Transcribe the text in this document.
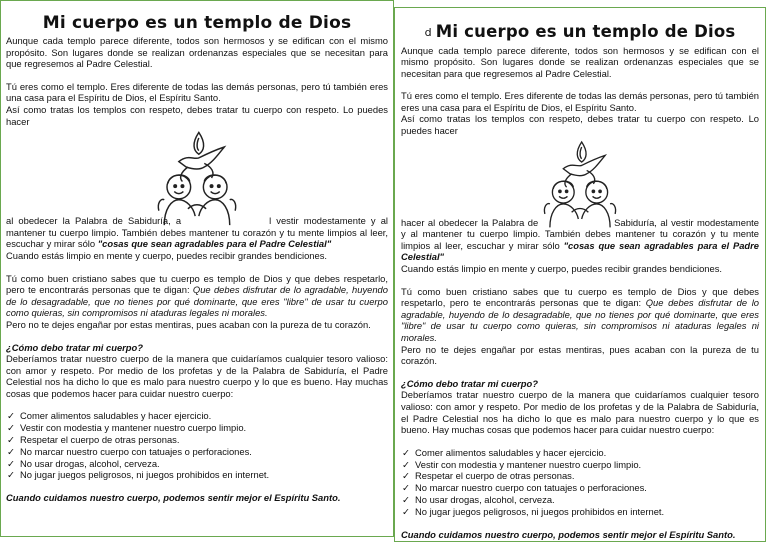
Mi cuerpo es un templo de Dios

Aunque cada templo parece diferente, todos son hermosos y se edifican con el mismo propósito. Son lugares donde se realizan ordenanzas especiales que se necesitan para que regresemos al Padre Celestial.

Tú eres como el templo. Eres diferente de todas las demás personas, pero tú también eres una casa para el Espíritu de Dios, el Espíritu Santo.

Así como tratas los templos con respeto, debes tratar tu cuerpo con respeto. Lo puedes hacer

al obedecer la Palabra de Sabiduría, a	l vestir modestamente y al mantener tu cuerpo limpio. También debes mantener tu corazón y tu mente limpios al leer, escuchar y mirar sólo "cosas que sean agradables para el Padre Celestial"

Cuando estás limpio en mente y cuerpo, puedes recibir grandes bendiciones.

Tú como buen cristiano sabes que tu cuerpo es templo de Dios y que debes respetarlo, pero te encontrarás personas que te digan: Que debes disfrutar de lo agradable, huyendo de lo desagradable, que no tienes por qué dominarte, que eres "libre" de usar tu cuerpo como quieras, sin compromisos ni ataduras legales ni morales.

Pero no te dejes engañar por estas mentiras, pues acaban con la pureza de tu corazón.

¿Cómo debo tratar mi cuerpo?

Deberíamos tratar nuestro cuerpo de la manera que cuidaríamos cualquier tesoro valioso: con amor y respeto. Por medio de los profetas y de la Palabra de Sabiduría, el Padre Celestial nos ha dicho lo que es malo para nuestro cuerpo y lo que es bueno. Hay muchas cosas que podemos hacer para cuidar nuestro cuerpo:

✓ Comer alimentos saludables y hacer ejercicio.
✓ Vestir con modestia y mantener nuestro cuerpo limpio.
✓ Respetar el cuerpo de otras personas.
✓ No marcar nuestro cuerpo con tatuajes o perforaciones.
✓ No usar drogas, alcohol, cerveza.
✓ No jugar juegos peligrosos, ni juegos prohibidos en internet.

Cuando cuidamos nuestro cuerpo, podemos sentir mejor el Espíritu Santo.

d Mi cuerpo es un templo de Dios

Aunque cada templo parece diferente, todos son hermosos y se edifican con el mismo propósito. Son lugares donde se realizan ordenanzas especiales que se necesitan para que regresemos al Padre Celestial.

Tú eres como el templo. Eres diferente de todas las demás personas, pero tú también eres una casa para el Espíritu de Dios, el Espíritu Santo.

Así como tratas los templos con respeto, debes tratar tu cuerpo con respeto. Lo puedes hacer

hacer al obedecer la Palabra de	Sabiduría, al vestir modestamente y al mantener tu cuerpo limpio. También debes mantener tu corazón y tu mente limpios al leer, escuchar y mirar sólo "cosas que sean agradables para el Padre Celestial"

Cuando estás limpio en mente y cuerpo, puedes recibir grandes bendiciones.

Tú como buen cristiano sabes que tu cuerpo es templo de Dios y que debes respetarlo, pero te encontrarás personas que te digan: Que debes disfrutar de lo agradable, huyendo de lo desagradable, que no tienes por qué dominarte, que eres "libre" de usar tu cuerpo como quieras, sin compromisos ni ataduras legales ni morales.

Pero no te dejes engañar por estas mentiras, pues acaban con la pureza de tu corazón.

¿Cómo debo tratar mi cuerpo?

Deberíamos tratar nuestro cuerpo de la manera que cuidaríamos cualquier tesoro valioso: con amor y respeto. Por medio de los profetas y de la Palabra de Sabiduría, el Padre Celestial nos ha dicho lo que es malo para nuestro cuerpo y lo que es bueno. Hay muchas cosas que podemos hacer para cuidar nuestro cuerpo:

✓ Comer alimentos saludables y hacer ejercicio.
✓ Vestir con modestia y mantener nuestro cuerpo limpio.
✓ Respetar el cuerpo de otras personas.
✓ No marcar nuestro cuerpo con tatuajes o perforaciones.
✓ No usar drogas, alcohol, cerveza.
✓ No jugar juegos peligrosos, ni juegos prohibidos en internet.

Cuando cuidamos nuestro cuerpo, podemos sentir mejor el Espíritu Santo.
